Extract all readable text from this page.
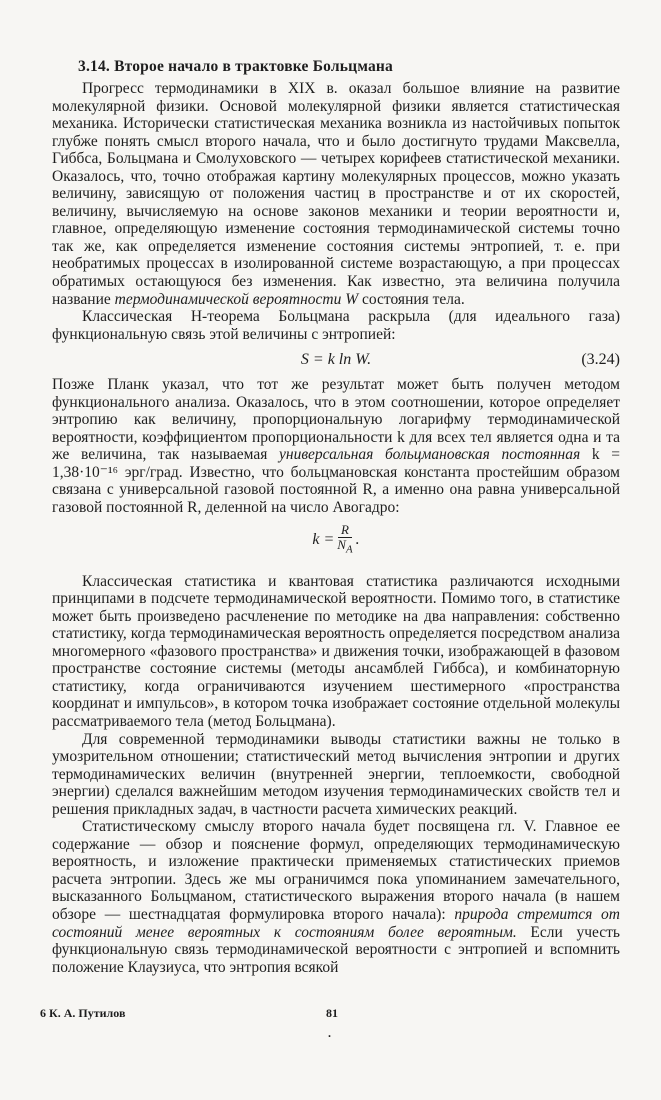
3.14. Второе начало в трактовке Больцмана

Прогресс термодинамики в XIX в. оказал большое влияние на развитие молекулярной физики. Основой молекулярной физики является статистическая механика. Исторически статистическая механика возникла из настойчивых попыток глубже понять смысл второго начала, что и было достигнуто трудами Максвелла, Гиббса, Больцмана и Смолуховского — четырех корифеев статистической механики. Оказалось, что, точно отображая картину молекулярных процессов, можно указать величину, зависящую от положения частиц в пространстве и от их скоростей, величину, вычисляемую на основе законов механики и теории вероятности и, главное, определяющую изменение состояния термодинамической системы точно так же, как определяется изменение состояния системы энтропией, т. е. при необратимых процессах в изолированной системе возрастающую, а при процессах обратимых остающуюся без изменения. Как известно, эта величина получила название термодинамической вероятности W состояния тела.

Классическая H-теорема Больцмана раскрыла (для идеального газа) функциональную связь этой величины с энтропией:

S = k ln W.	(3.24)

Позже Планк указал, что тот же результат может быть получен методом функционального анализа. Оказалось, что в этом соотношении, которое определяет энтропию как величину, пропорциональную логарифму термодинамической вероятности, коэффициентом пропорциональности k для всех тел является одна и та же величина, так называемая универсальная больцмановская постоянная k = 1,38·10⁻¹⁶ эрг/град. Известно, что больцмановская константа простейшим образом связана с универсальной газовой постоянной R, а именно она равна универсальной газовой постоянной R, деленной на число Авогадро:

$k = \frac{R}{N_A}$ .

Классическая статистика и квантовая статистика различаются исходными принципами в подсчете термодинамической вероятности. Помимо того, в статистике может быть произведено расчленение по методике на два направления: собственно статистику, когда термодинамическая вероятность определяется посредством анализа многомерного «фазового пространства» и движения точки, изображающей в фазовом пространстве состояние системы (методы ансамблей Гиббса), и комбинаторную статистику, когда ограничиваются изучением шестимерного «пространства координат и импульсов», в котором точка изображает состояние отдельной молекулы рассматриваемого тела (метод Больцмана).

Для современной термодинамики выводы статистики важны не только в умозрительном отношении; статистический метод вычисления энтропии и других термодинамических величин (внутренней энергии, теплоемкости, свободной энергии) сделался важнейшим методом изучения термодинамических свойств тел и решения прикладных задач, в частности расчета химических реакций.

Статистическому смыслу второго начала будет посвящена гл. V. Главное ее содержание — обзор и пояснение формул, определяющих термодинамическую вероятность, и изложение практически применяемых статистических приемов расчета энтропии. Здесь же мы ограничимся пока упоминанием замечательного, высказанного Больцманом, статистического выражения второго начала (в нашем обзоре — шестнадцатая формулировка второго начала): природа стремится от состояний менее вероятных к состояниям более вероятным. Если учесть функциональную связь термодинамической вероятности с энтропией и вспомнить положение Клаузиуса, что энтропия всякой

6 К. А. Путилов	81
.
